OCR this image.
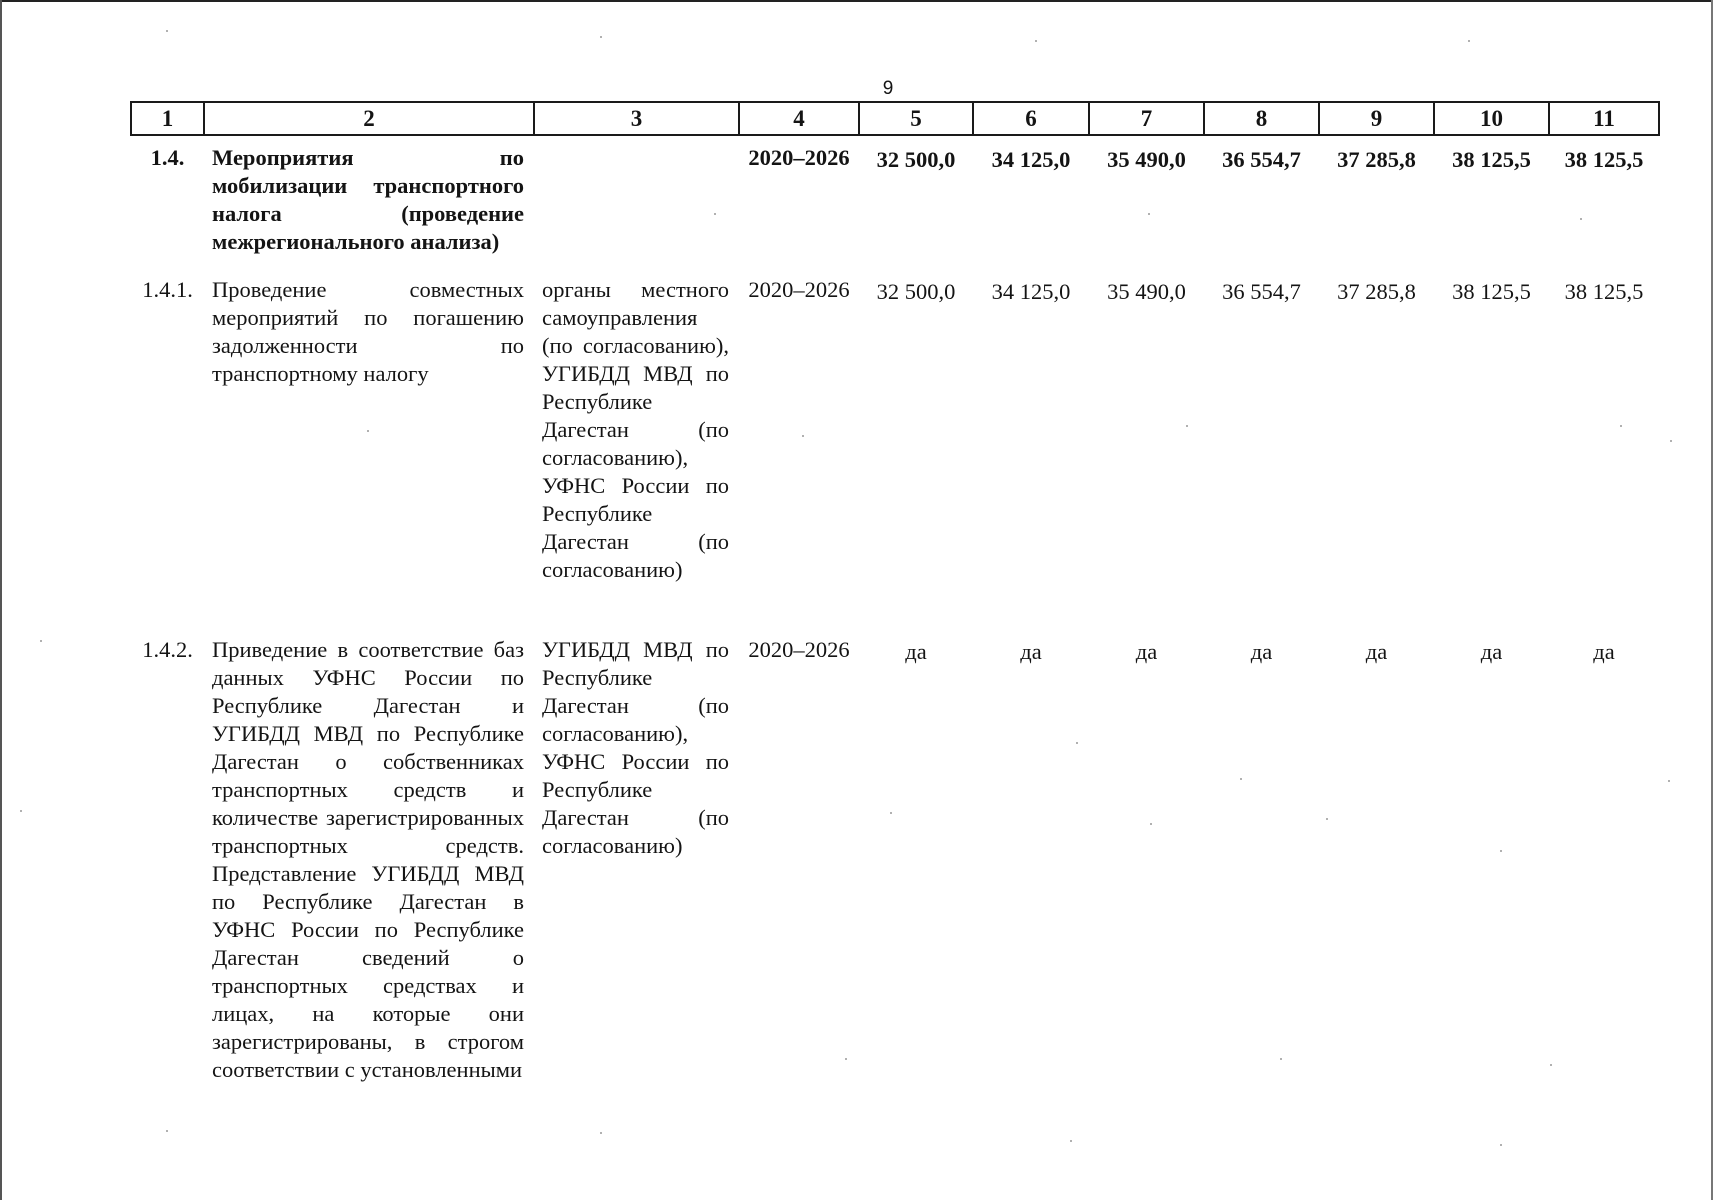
9
1	2	3	4	5	6	7	8	9	10	11
1.4.	Мероприятия по мобилизации транспортного налога (проведение межрегионального анализа)		2020–2026	32 500,0	34 125,0	35 490,0	36 554,7	37 285,8	38 125,5	38 125,5
1.4.1.	Проведение совместных мероприятий по погашению задолженности по транспортному налогу	органы местного самоуправления (по согласованию), УГИБДД МВД по Республике Дагестан (по согласованию), УФНС России по Республике Дагестан (по согласованию)	2020–2026	32 500,0	34 125,0	35 490,0	36 554,7	37 285,8	38 125,5	38 125,5
1.4.2.	Приведение в соответствие баз данных УФНС России по Республике Дагестан и УГИБДД МВД по Республике Дагестан о собственниках транспортных средств и количестве зарегистрированных транспортных средств. Представление УГИБДД МВД по Республике Дагестан в УФНС России по Республике Дагестан сведений о транспортных средствах и лицах, на которые они зарегистрированы, в строгом соответствии с установленными	УГИБДД МВД по Республике Дагестан (по согласованию), УФНС России по Республике Дагестан (по согласованию)	2020–2026	да	да	да	да	да	да	да
